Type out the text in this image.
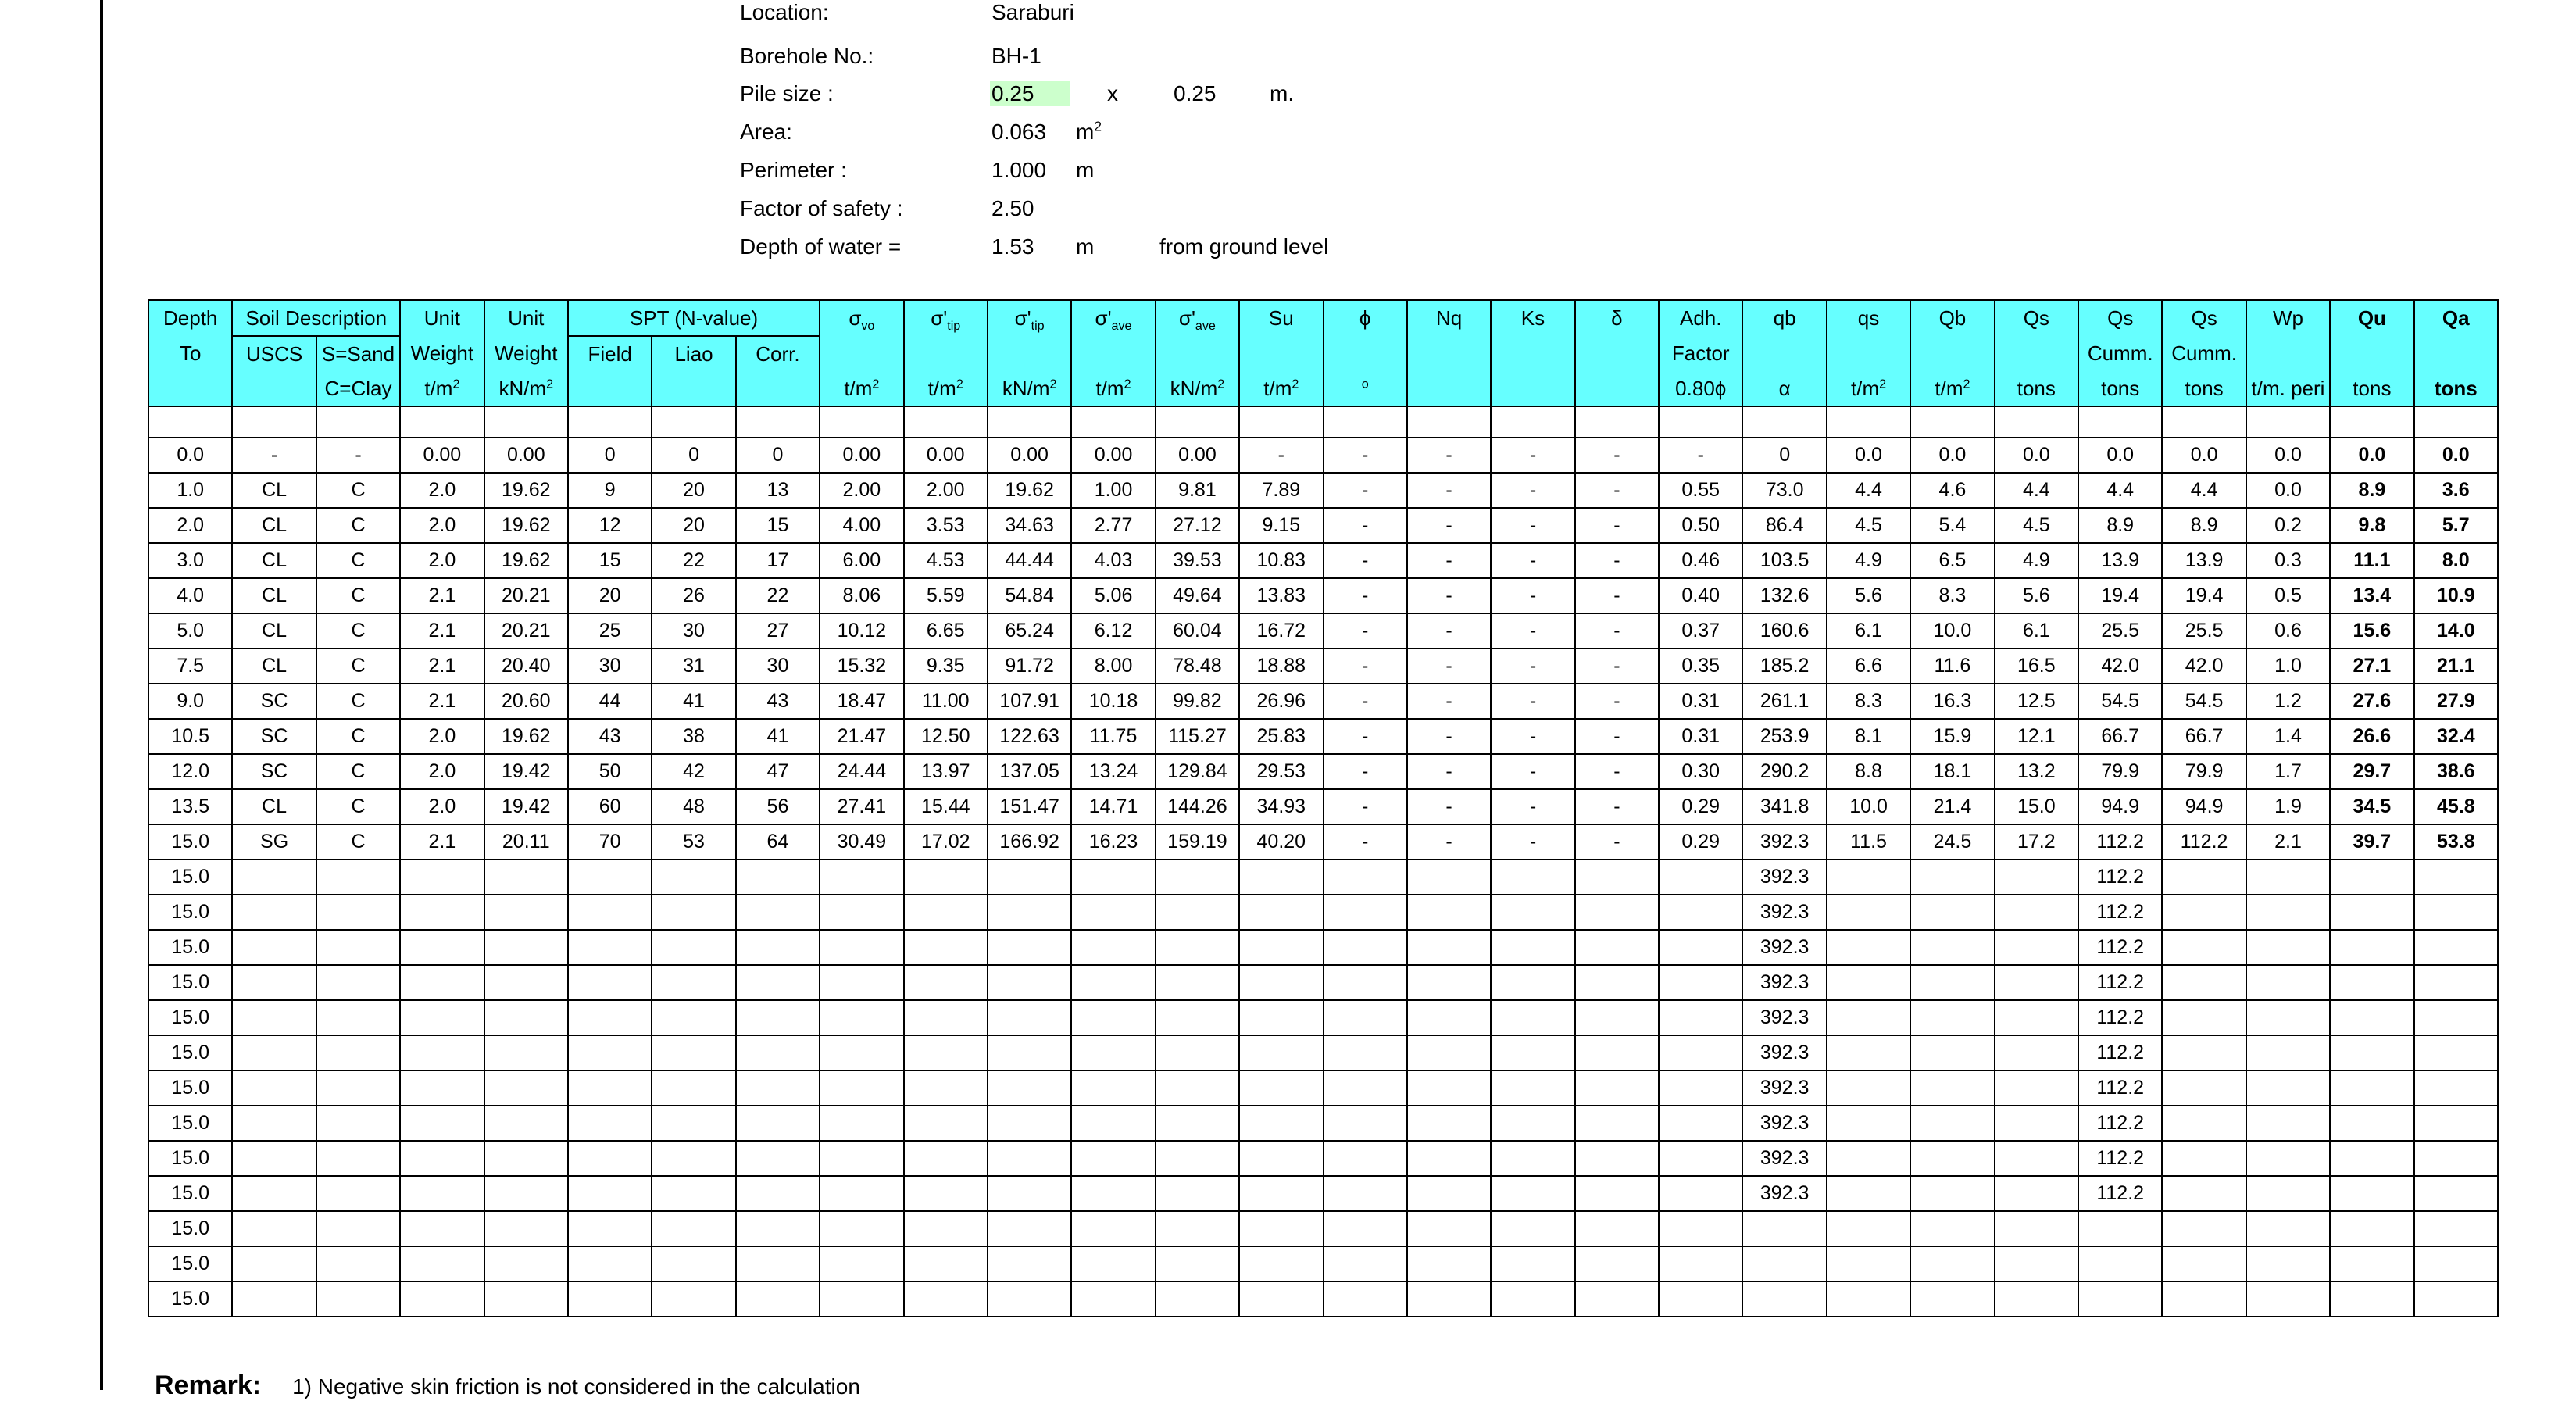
Location:	Saraburi
Borehole No.:	BH-1
Pile size :	0.25	x	0.25 m.
Area:	0.063 $m^2$
Perimeter :	1.000 m
Factor of safety :	2.50
Depth of water =	1.53 m	from ground level
Depth	Soil Description		Unit	Unit	SPT (N-value)			$\sigma_{vo}$	$\sigma'_{tip}$	$\sigma'_{tip}$	$\sigma'_{ave}$	$\sigma'_{ave}$	Su	ϕ	Nq	Ks	δ	Adh.	qb	qs	Qb	Qs	Qs	Qs	Wp	Qu	Qa	
To	USCS	S=Sand	Weight	Weight	Field	Liao	Corr.											Factor					Cumm.	Cumm.				
		C=Clay	$t/m^2$	$kN/m^2$				$t/m^2$	$t/m^2$	$kN/m^2$	$t/m^2$	$kN/m^2$	$t/m^2$	$^o$				0.80ϕ	α	$t/m^2$	$t/m^2$	tons	tons	tons	t/m. peri	tons	tons	

0.0	-	-	0.00	0.00	0	0	0	0.00	0.00	0.00	0.00	0.00	-	-	-	-	-	-	0	0.0	0.0	0.0	0.0	0.0	0.0	0.0	0.0	
1.0	CL	C	2.0	19.62	9	20	13	2.00	2.00	19.62	1.00	9.81	7.89	-	-	-	-	0.55	73.0	4.4	4.6	4.4	4.4	4.4	0.0	8.9	3.6	
2.0	CL	C	2.0	19.62	12	20	15	4.00	3.53	34.63	2.77	27.12	9.15	-	-	-	-	0.50	86.4	4.5	5.4	4.5	8.9	8.9	0.2	9.8	5.7	
3.0	CL	C	2.0	19.62	15	22	17	6.00	4.53	44.44	4.03	39.53	10.83	-	-	-	-	0.46	103.5	4.9	6.5	4.9	13.9	13.9	0.3	11.1	8.0	
4.0	CL	C	2.1	20.21	20	26	22	8.06	5.59	54.84	5.06	49.64	13.83	-	-	-	-	0.40	132.6	5.6	8.3	5.6	19.4	19.4	0.5	13.4	10.9	
5.0	CL	C	2.1	20.21	25	30	27	10.12	6.65	65.24	6.12	60.04	16.72	-	-	-	-	0.37	160.6	6.1	10.0	6.1	25.5	25.5	0.6	15.6	14.0	
7.5	CL	C	2.1	20.40	30	31	30	15.32	9.35	91.72	8.00	78.48	18.88	-	-	-	-	0.35	185.2	6.6	11.6	16.5	42.0	42.0	1.0	27.1	21.1	
9.0	SC	C	2.1	20.60	44	41	43	18.47	11.00	107.91	10.18	99.82	26.96	-	-	-	-	0.31	261.1	8.3	16.3	12.5	54.5	54.5	1.2	27.6	27.9	
10.5	SC	C	2.0	19.62	43	38	41	21.47	12.50	122.63	11.75	115.27	25.83	-	-	-	-	0.31	253.9	8.1	15.9	12.1	66.7	66.7	1.4	26.6	32.4	
12.0	SC	C	2.0	19.42	50	42	47	24.44	13.97	137.05	13.24	129.84	29.53	-	-	-	-	0.30	290.2	8.8	18.1	13.2	79.9	79.9	1.7	29.7	38.6	
13.5	CL	C	2.0	19.42	60	48	56	27.41	15.44	151.47	14.71	144.26	34.93	-	-	-	-	0.29	341.8	10.0	21.4	15.0	94.9	94.9	1.9	34.5	45.8	
15.0	SG	C	2.1	20.11	70	53	64	30.49	17.02	166.92	16.23	159.19	40.20	-	-	-	-	0.29	392.3	11.5	24.5	17.2	112.2	112.2	2.1	39.7	53.8	
15.0																			392.3				112.2					
15.0																			392.3				112.2					
15.0																			392.3				112.2					
15.0																			392.3				112.2					
15.0																			392.3				112.2					
15.0																			392.3				112.2					
15.0																			392.3				112.2					
15.0																			392.3				112.2					
15.0																			392.3				112.2					
15.0																			392.3				112.2					
15.0																												
15.0																												
15.0																												
Remark: 1) Negative skin friction is not considered in the calculation
